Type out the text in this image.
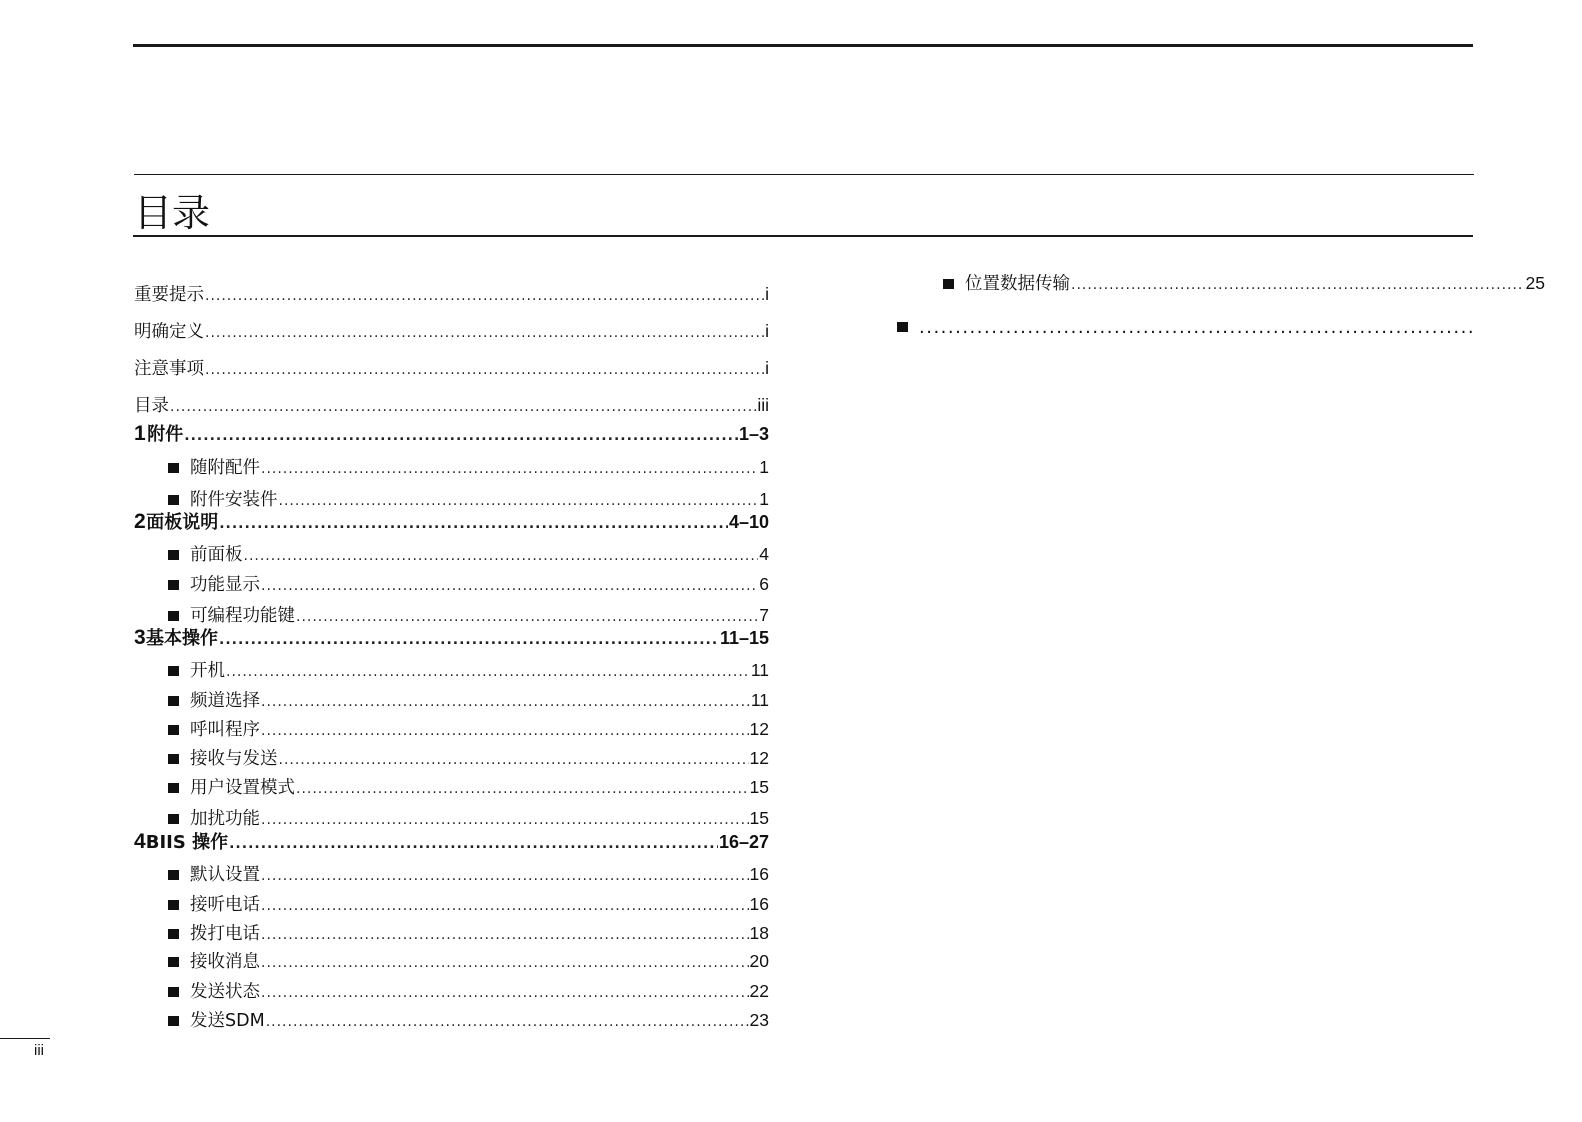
目录
重要提示 .....	i
明确定义 .....	i
注意事项 .....	i
目录 .....	iii
1 附件 .....	1–3
随附配件 .....	1
附件安装件 .....	1
2 面板说明 .....	4–10
前面板 .....	4
功能显示 .....	6
可编程功能键 .....	7
3 基本操作 .....	11–15
开机 .....	11
频道选择 .....	11
呼叫程序 .....	12
接收与发送 .....	12
用户设置模式 .....	15
加扰功能 .....	15
4 BIIS 操作 .....	16–27
默认设置 .....	16
接听电话 .....	16
拨打电话 .....	18
接收消息 .....	20
发送状态 .....	22
发送SDM .....	23
位置数据传输 .....	25
.....
iii
